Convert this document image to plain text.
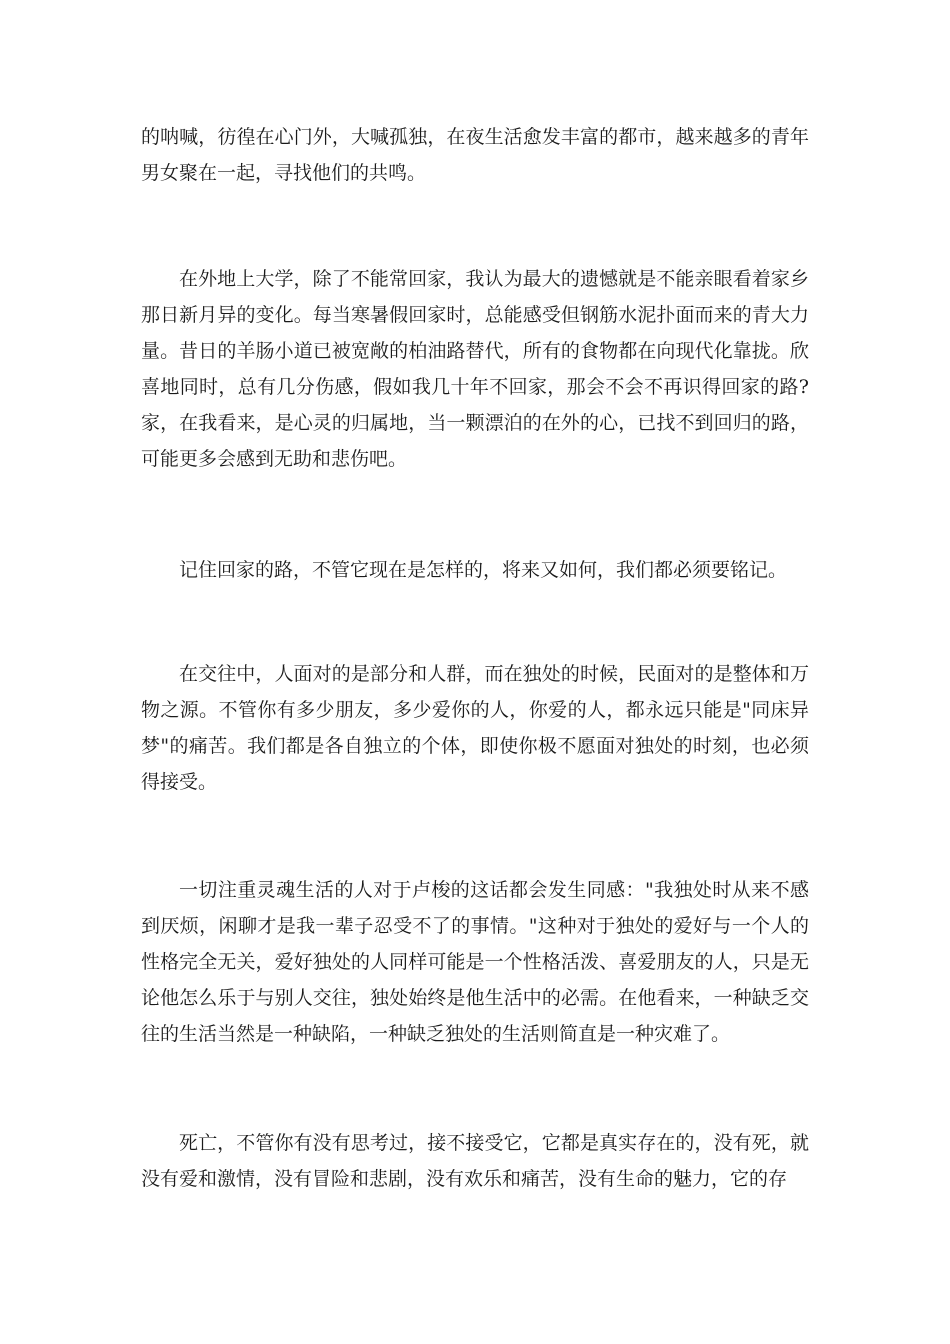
的呐喊，彷徨在心门外，大喊孤独，在夜生活愈发丰富的都市，越来越多的青年男女聚在一起，寻找他们的共鸣。

在外地上大学，除了不能常回家，我认为最大的遗憾就是不能亲眼看着家乡那日新月异的变化。每当寒暑假回家时，总能感受但钢筋水泥扑面而来的青大力量。昔日的羊肠小道已被宽敞的柏油路替代，所有的食物都在向现代化靠拢。欣喜地同时，总有几分伤感，假如我几十年不回家，那会不会不再识得回家的路?家，在我看来，是心灵的归属地，当一颗漂泊的在外的心，已找不到回归的路，可能更多会感到无助和悲伤吧。

记住回家的路，不管它现在是怎样的，将来又如何，我们都必须要铭记。

在交往中，人面对的是部分和人群，而在独处的时候，民面对的是整体和万物之源。不管你有多少朋友，多少爱你的人，你爱的人，都永远只能是"同床异梦"的痛苦。我们都是各自独立的个体，即使你极不愿面对独处的时刻，也必须得接受。

一切注重灵魂生活的人对于卢梭的这话都会发生同感："我独处时从来不感到厌烦，闲聊才是我一辈子忍受不了的事情。"这种对于独处的爱好与一个人的性格完全无关，爱好独处的人同样可能是一个性格活泼、喜爱朋友的人，只是无论他怎么乐于与别人交往，独处始终是他生活中的必需。在他看来，一种缺乏交往的生活当然是一种缺陷，一种缺乏独处的生活则简直是一种灾难了。

死亡，不管你有没有思考过，接不接受它，它都是真实存在的，没有死，就没有爱和激情，没有冒险和悲剧，没有欢乐和痛苦，没有生命的魅力，它的存
